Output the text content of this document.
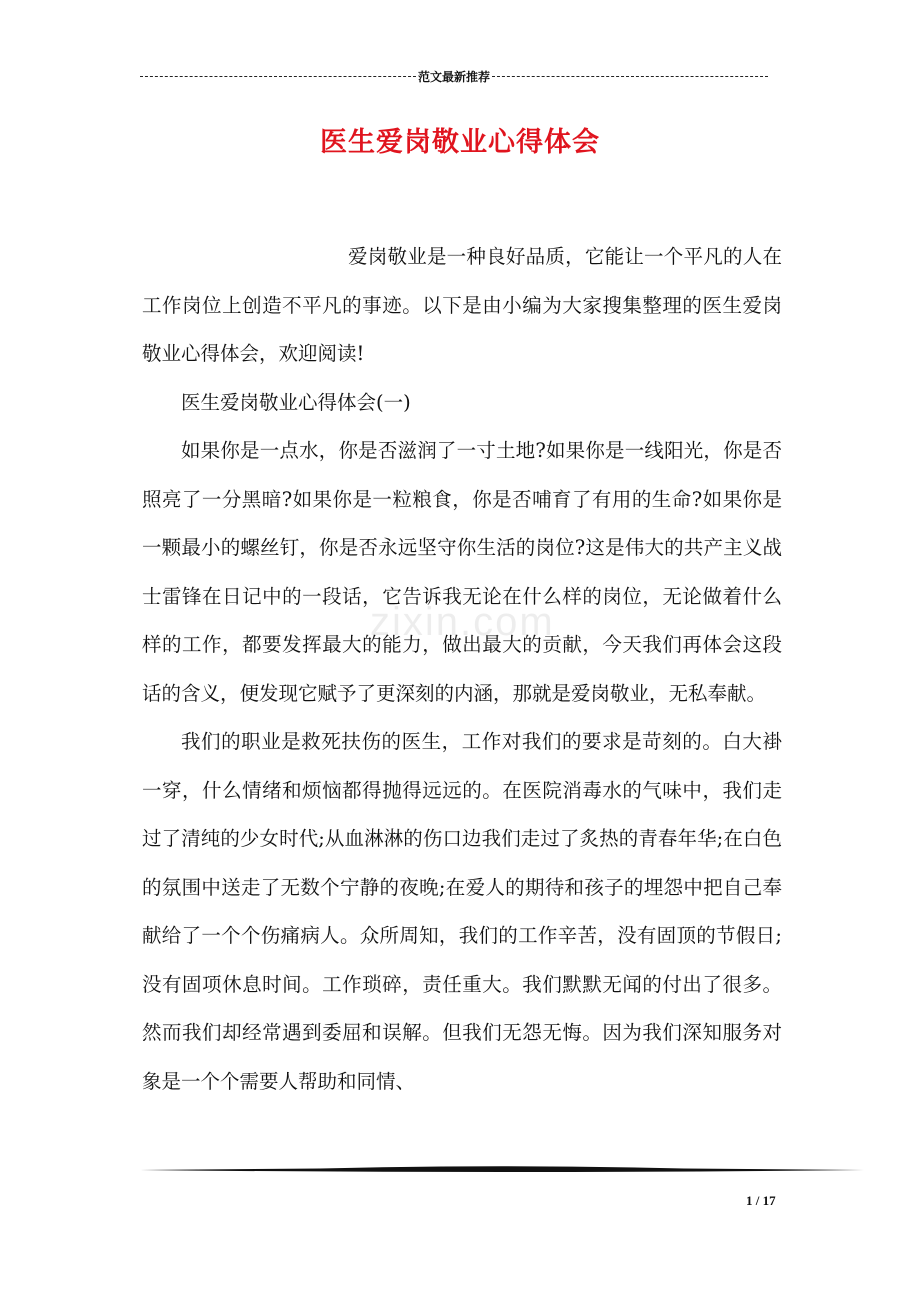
范文最新推荐
医生爱岗敬业心得体会
zixin.com

爱岗敬业是一种良好品质，它能让一个平凡的人在工作岗位上创造不平凡的事迹。以下是由小编为大家搜集整理的医生爱岗敬业心得体会，欢迎阅读!

医生爱岗敬业心得体会(一)

如果你是一点水，你是否滋润了一寸土地?如果你是一线阳光，你是否照亮了一分黑暗?如果你是一粒粮食，你是否哺育了有用的生命?如果你是一颗最小的螺丝钉，你是否永远坚守你生活的岗位?这是伟大的共产主义战士雷锋在日记中的一段话，它告诉我无论在什么样的岗位，无论做着什么样的工作，都要发挥最大的能力，做出最大的贡献，今天我们再体会这段话的含义，便发现它赋予了更深刻的内涵，那就是爱岗敬业，无私奉献。

我们的职业是救死扶伤的医生，工作对我们的要求是苛刻的。白大褂一穿，什么情绪和烦恼都得抛得远远的。在医院消毒水的气味中，我们走过了清纯的少女时代;从血淋淋的伤口边我们走过了炙热的青春年华;在白色的氛围中送走了无数个宁静的夜晚;在爱人的期待和孩子的埋怨中把自己奉献给了一个个伤痛病人。众所周知，我们的工作辛苦，没有固顶的节假日;没有固项休息时间。工作琐碎，责任重大。我们默默无闻的付出了很多。然而我们却经常遇到委屈和误解。但我们无怨无悔。因为我们深知服务对象是一个个需要人帮助和同情、

1 / 17
